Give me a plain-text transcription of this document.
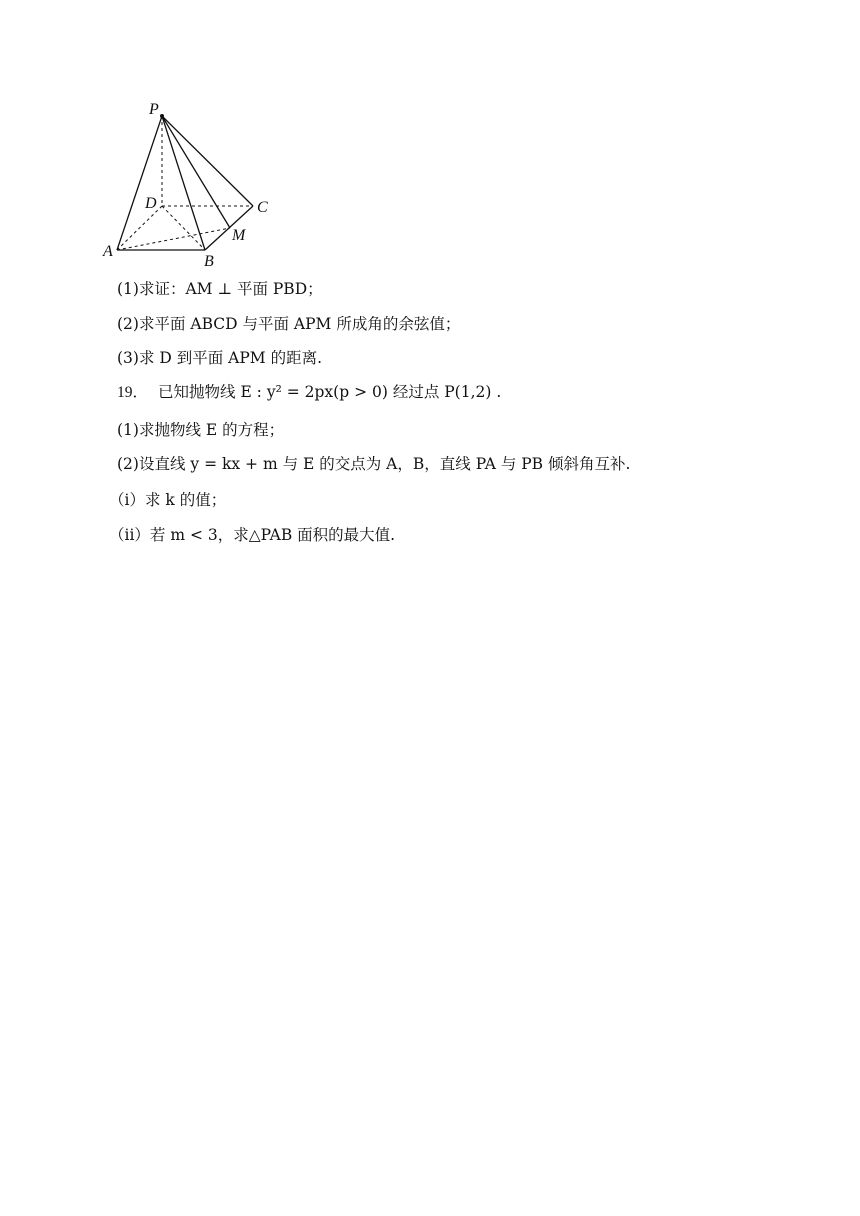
P
D	C
A
B
M
(1)求证：AM ⊥ 平面 PBD；
(2)求平面 ABCD 与平面 APM 所成角的余弦值；
(3)求 D 到平面 APM 的距离.
19． 已知抛物线 E : y² = 2px(p > 0) 经过点 P(1,2) .
(1)求抛物线 E 的方程；
(2)设直线 y = kx + m 与 E 的交点为 A，B，直线 PA 与 PB 倾斜角互补.
（i）求 k 的值；
（ii）若 m < 3，求△PAB 面积的最大值.
